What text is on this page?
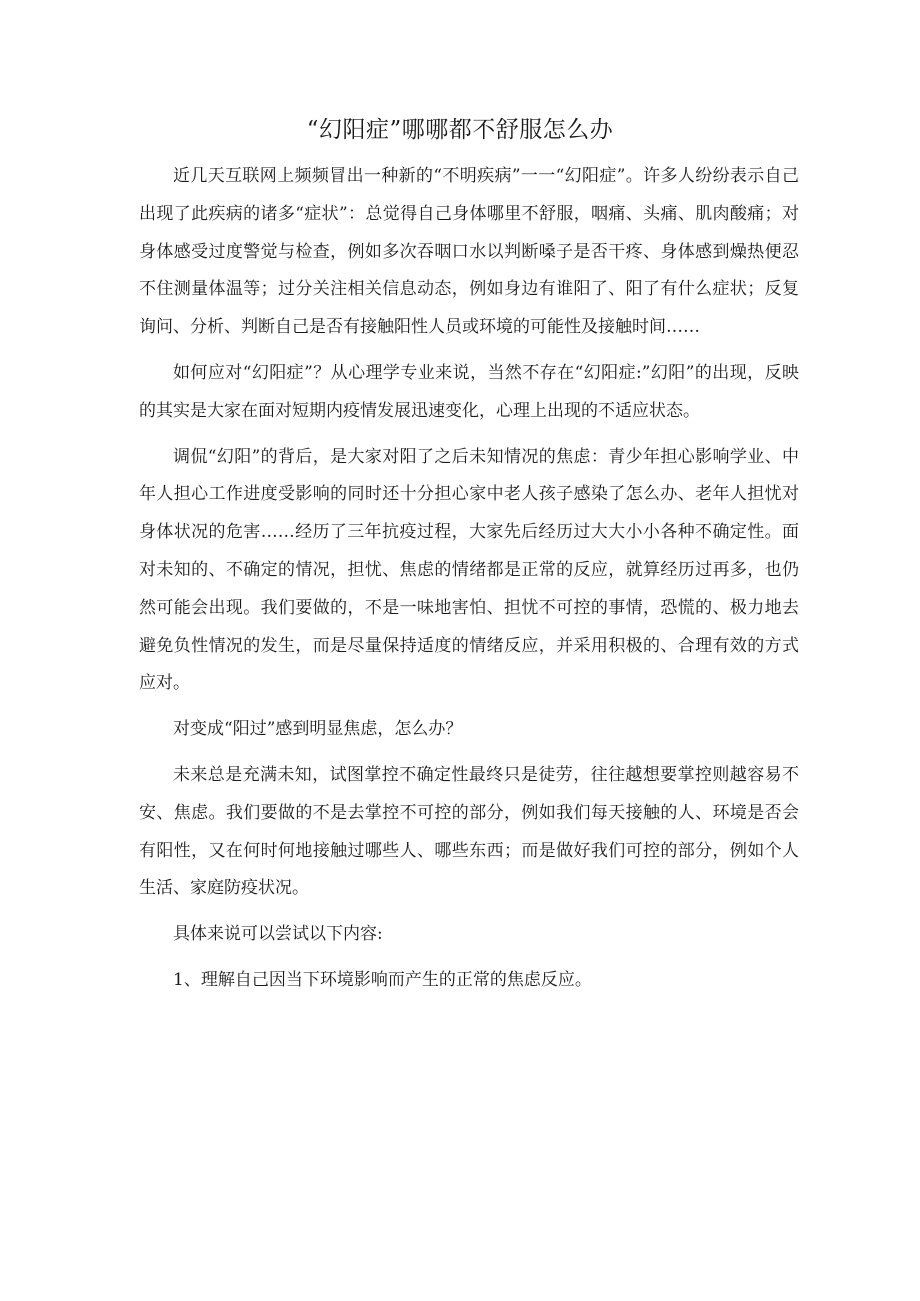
“幻阳症”哪哪都不舒服怎么办

近几天互联网上频频冒出一种新的“不明疾病”一一“幻阳症”。许多人纷纷表示自己出现了此疾病的诸多“症状”：总觉得自己身体哪里不舒服，咽痛、头痛、肌肉酸痛；对身体感受过度警觉与检查，例如多次吞咽口水以判断嗓子是否干疼、身体感到燥热便忍不住测量体温等；过分关注相关信息动态，例如身边有谁阳了、阳了有什么症状；反复询问、分析、判断自己是否有接触阳性人员或环境的可能性及接触时间……

如何应对“幻阳症”？从心理学专业来说，当然不存在“幻阳症:”幻阳”的出现，反映的其实是大家在面对短期内疫情发展迅速变化，心理上出现的不适应状态。

调侃“幻阳”的背后，是大家对阳了之后未知情况的焦虑：青少年担心影响学业、中年人担心工作进度受影响的同时还十分担心家中老人孩子感染了怎么办、老年人担忧对身体状况的危害……经历了三年抗疫过程，大家先后经历过大大小小各种不确定性。面对未知的、不确定的情况，担忧、焦虑的情绪都是正常的反应，就算经历过再多，也仍然可能会出现。我们要做的，不是一味地害怕、担忧不可控的事情，恐慌的、极力地去避免负性情况的发生，而是尽量保持适度的情绪反应，并采用积极的、合理有效的方式应对。

对变成“阳过”感到明显焦虑，怎么办？

未来总是充满未知，试图掌控不确定性最终只是徒劳，往往越想要掌控则越容易不安、焦虑。我们要做的不是去掌控不可控的部分，例如我们每天接触的人、环境是否会有阳性，又在何时何地接触过哪些人、哪些东西；而是做好我们可控的部分，例如个人生活、家庭防疫状况。

具体来说可以尝试以下内容:

1、理解自己因当下环境影响而产生的正常的焦虑反应。
